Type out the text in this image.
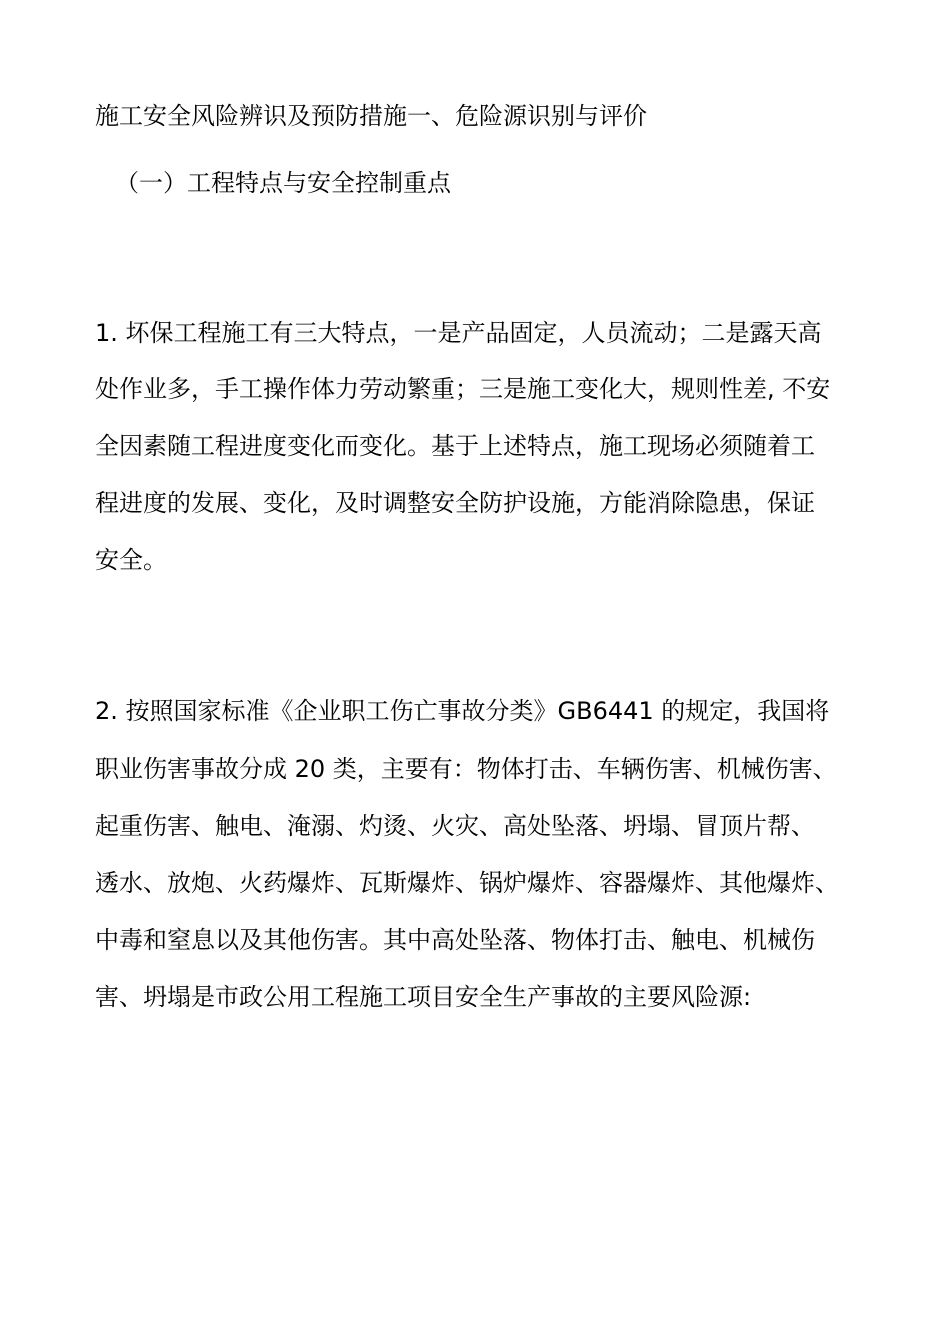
施工安全风险辨识及预防措施一、危险源识别与评价
（一）工程特点与安全控制重点
1. 坏保工程施工有三大特点，一是产品固定，人员流动；二是露天高
处作业多，手工操作体力劳动繁重；三是施工变化大，规则性差, 不安
全因素随工程进度变化而变化。基于上述特点，施工现场必须随着工
程进度的发展、变化，及时调整安全防护设施，方能消除隐患，保证
安全。
2. 按照国家标准《企业职工伤亡事故分类》GB6441 的规定，我国将
职业伤害事故分成 20 类，主要有：物体打击、车辆伤害、机械伤害、
起重伤害、触电、淹溺、灼烫、火灾、高处坠落、坍塌、冒顶片帮、
透水、放炮、火药爆炸、瓦斯爆炸、锅炉爆炸、容器爆炸、其他爆炸、
中毒和窒息以及其他伤害。其中高处坠落、物体打击、触电、机械伤
害、坍塌是市政公用工程施工项目安全生产事故的主要风险源:
